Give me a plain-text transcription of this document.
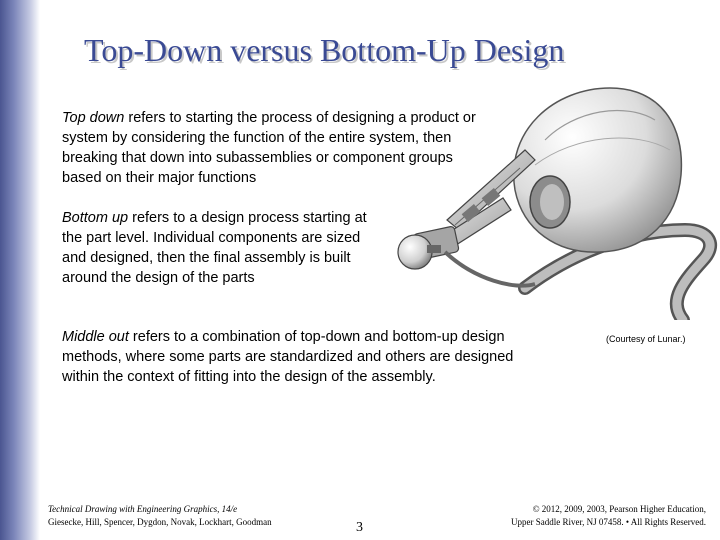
Top-Down versus Bottom-Up Design

Top down refers to starting the process of designing a product or system by considering the function of the entire system, then breaking that down into subassemblies or component groups based on their major functions

Bottom up refers to a design process starting at the part level. Individual components are sized and designed, then the final assembly is built around the design of the parts

Middle out refers to a combination of top-down and bottom-up design methods, where some parts are standardized and others are designed within the context of fitting into the design of the assembly.

(Courtesy of Lunar.)
Technical Drawing with Engineering Graphics, 14/e
Giesecke, Hill, Spencer, Dygdon, Novak, Lockhart, Goodman	3
© 2012, 2009, 2003, Pearson Higher Education,
Upper Saddle River, NJ 07458. • All Rights Reserved.
